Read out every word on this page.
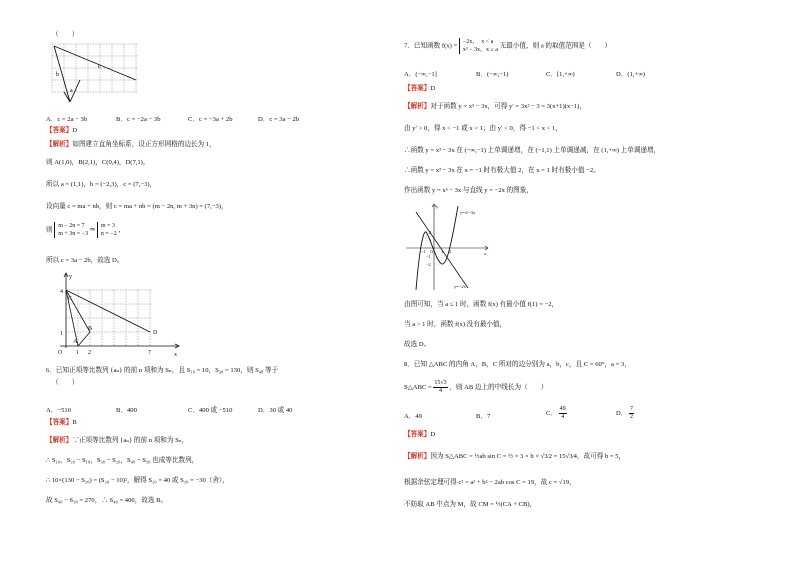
（　　）
b
c
a
A．c = 2a − 3b	B．c = −2a − 3b	C．c = −3a + 2b	D．c = 3a − 2b
【答案】D
【解析】如图建立直角坐标系，设正方形网格的边长为 1，
则 A(1,0)，B(2,1)，C(0,4)，D(7,1)，
所以 a = (1,1)，b = (−2,3)，c = (7,−3)，
设向量 c = ma + nb，则 c = ma + nb = (m − 2n, m + 3n) = (7,−3)，
则
m − 2n = 7
m + 3n = −3
⇒
m = 3
n = −2
，
所以 c = 3a − 2b，故选 D。
y
x
O
4
1
1 2	7
C
D
B
A
6．已知正项等比数列 {aₙ} 的前 n 项和为 Sₙ，且 S₁₀ = 10，S₃₀ = 130，则 S₄₀ 等于
（　　）
A．−510	B．400	C．400 或 −510	D．30 或 40
【答案】B
【解析】∵正项等比数列 {aₙ} 的前 n 项和为 Sₙ，
∴ S₁₀，S₂₀ − S₁₀，S₃₀ − S₂₀，S₄₀ − S₃₀ 也成等比数列，
∴ 10×(130 − S₂₀) = (S₂₀ − 10)²，解得 S₂₀ = 40 或 S₂₀ = −30（舍），
故 S₄₀ − S₃₀ = 270，∴ S₄₀ = 400，故选 B。
7．已知函数 f(x) =
−2x，　x < a
x³ − 3x，x ≥ a
无最小值，则 a 的取值范围是（　　）
A．(−∞,−1]	B．(−∞,−1)	C．[1,+∞)	D．(1,+∞)
【答案】D
【解析】对于函数 y = x³ − 3x，可得 y′ = 3x² − 3 = 3(x+1)(x−1)，
由 y′ > 0，得 x < −1 或 x > 1；由 y′ < 0，得 −1 < x < 1，
∴函数 y = x³ − 3x 在 (−∞,−1) 上单调递增，在 (−1,1) 上单调递减，在 (1,+∞) 上单调递增，
∴函数 y = x³ − 3x 在 x = −1 时有极大值 2，在 x = 1 时有极小值 −2。
作出函数 y = x³ − 3x 与直线 y = −2x 的图象，
y=x³−3x
y=−2x
y
x
2
1
−1
−2
O
−1	1 2
由图可知，当 a ≤ 1 时，函数 f(x) 有最小值 f(1) = −2，
当 a > 1 时，函数 f(x) 没有最小值，
故选 D。
8．已知 △ABC 的内角 A，B，C 所对的边分别为 a，b，c，且 C = 60°，a = 3，
S△ABC = $\frac{15√3}{4}$ ，则 AB 边上的中线长为（　　）
A．49	B．7	C． $\frac{49}{4}$	D． $\frac{7}{2}$
【答案】D
【解析】因为 S△ABC = ½ab sin C = ½ × 3 × b × √3⁄2 = 15√3⁄4，故可得 b = 5，
根据余弦定理可得 c² = a² + b² − 2ab cos C = 19，故 c = √19，
不妨取 AB 中点为 M，故 CM = ½(CA + CB)，
